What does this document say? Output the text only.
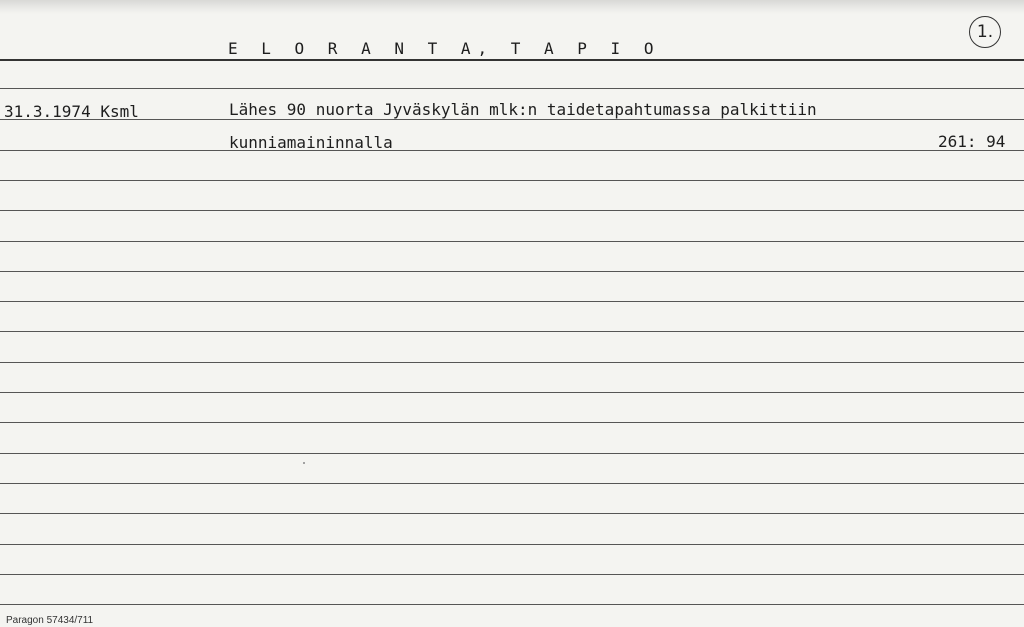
E L O R A N T A, T A P I O
1.
31.3.1974 Ksml	Lähes 90 nuorta Jyväskylän mlk:n taidetapahtumassa palkittiin
kunniamaininnalla	261: 94
Paragon 57434/711
